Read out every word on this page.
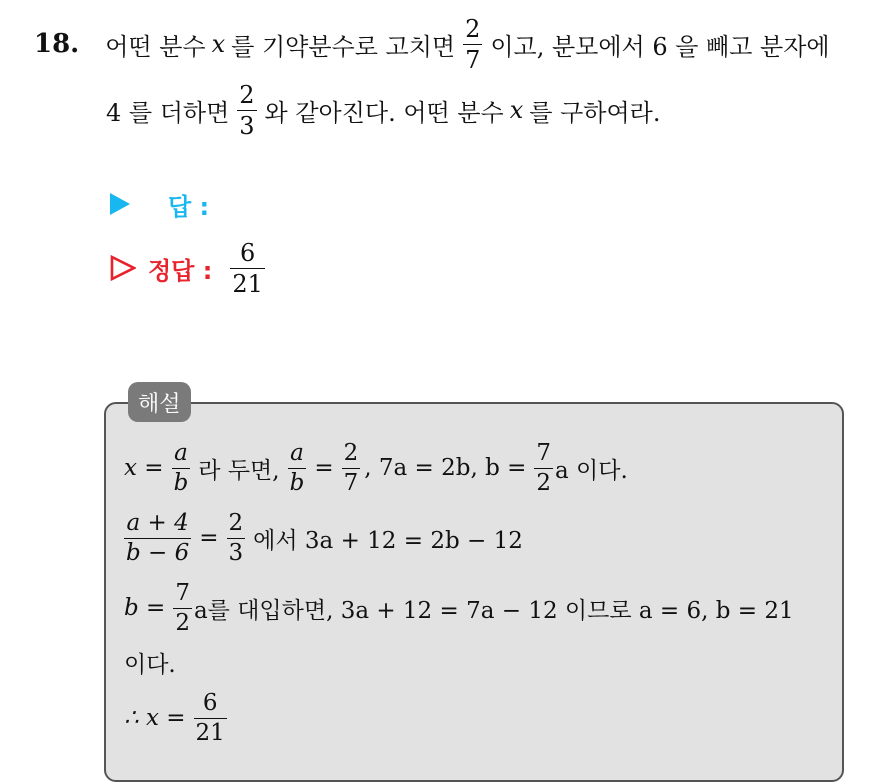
18. 어떤 분수 x 를 기약분수로 고치면 $\frac{2}{7}$ 이고, 분모에서 6 을 빼고 분자에
4 를 더하면 $\frac{2}{3}$ 와 같아진다. 어떤 분수 x 를 구하여라.
답 :
정답 : $\frac{6}{21}$
해설
$x = \frac{a}{b}$ 라 두면, $\frac{a}{b} = \frac{2}{7}$ , 7a = 2b, $b = \frac{7}{2}$ a 이다.
$\frac{a + 4}{b - 6} = \frac{2}{3}$ 에서 3a + 12 = 2b − 12
$b = \frac{7}{2}$ a를 대입하면, 3a + 12 = 7a − 12 이므로 a = 6, b = 21
이다.
∴ $x = \frac{6}{21}$
